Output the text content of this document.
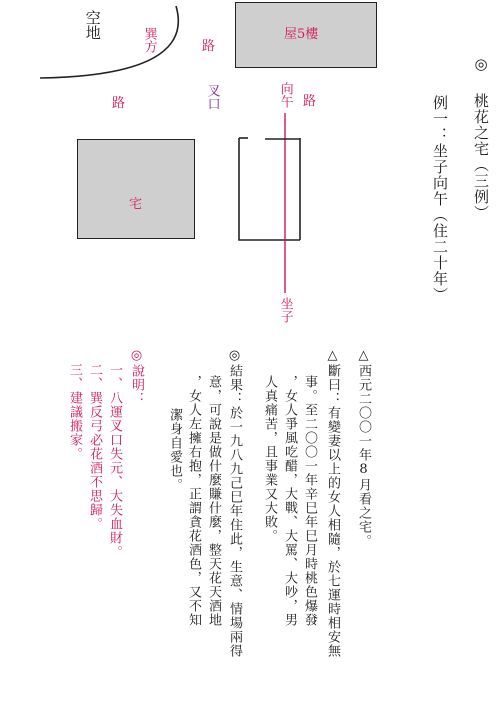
空地	巽方	路
路	叉口
屋5樓
向午 路
宅
坐子
◎ 桃花之宅（三例）
例一：坐子向午（住二十年）
△西元二〇〇一年8月看之宅。
△斷曰：有變妻以上的女人相隨，於七運時相安無
事。至二〇〇一年辛巳年巳月時桃色爆發
，女人爭風吃醋，大戰、大罵、大吵，男
人真痛苦，且事業又大敗。
◎結果：於一九八九己巳年住此，生意、情場兩得
意，可說是做什麼賺什麼，整天花天酒地
，女人左擁右抱，正謂貪花酒色，又不知
潔身自愛也。
◎說明：
一、八運叉口失元、大失血財。
二、巽反弓必花酒不思歸。
三、建議搬家。
